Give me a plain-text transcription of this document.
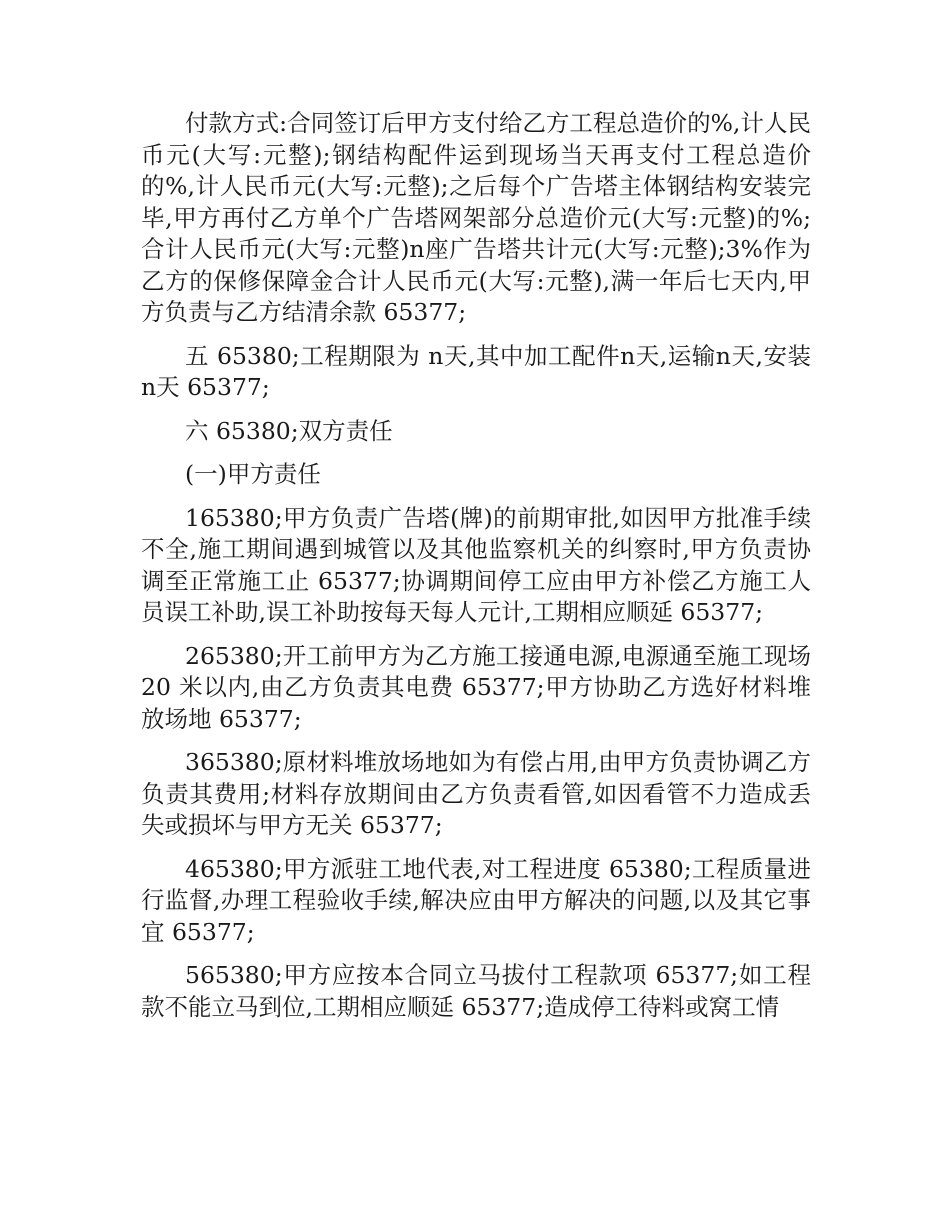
付款方式:合同签订后甲方支付给乙方工程总造价的%,计人民币元(大写:元整);钢结构配件运到现场当天再支付工程总造价的%,计人民币元(大写:元整);之后每个广告塔主体钢结构安装完毕,甲方再付乙方单个广告塔网架部分总造价元(大写:元整)的%;合计人民币元(大写:元整)n座广告塔共计元(大写:元整);3%作为乙方的保修保障金合计人民币元(大写:元整),满一年后七天内,甲方负责与乙方结清余款 65377;

五 65380;工程期限为 n天,其中加工配件n天,运输n天,安装n天 65377;

六 65380;双方责任

(一)甲方责任

165380;甲方负责广告塔(牌)的前期审批,如因甲方批准手续不全,施工期间遇到城管以及其他监察机关的纠察时,甲方负责协调至正常施工止 65377;协调期间停工应由甲方补偿乙方施工人员误工补助,误工补助按每天每人元计,工期相应顺延 65377;

265380;开工前甲方为乙方施工接通电源,电源通至施工现场 20 米以内,由乙方负责其电费 65377;甲方协助乙方选好材料堆放场地 65377;

365380;原材料堆放场地如为有偿占用,由甲方负责协调乙方负责其费用;材料存放期间由乙方负责看管,如因看管不力造成丢失或损坏与甲方无关 65377;

465380;甲方派驻工地代表,对工程进度 65380;工程质量进行监督,办理工程验收手续,解决应由甲方解决的问题,以及其它事宜 65377;

565380;甲方应按本合同立马拔付工程款项 65377;如工程款不能立马到位,工期相应顺延 65377;造成停工待料或窝工情
